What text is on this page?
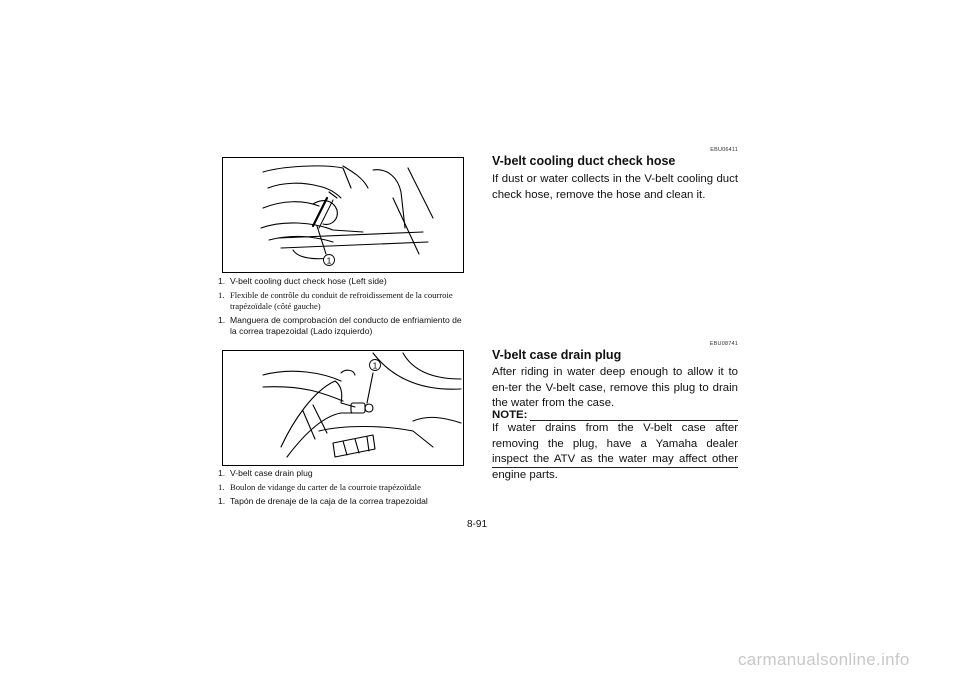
1
1. V-belt cooling duct check hose (Left side)
1. Flexible de contrôle du conduit de refroidissement de la courroie trapézoïdale (côté gauche)
1. Manguera de comprobación del conducto de enfriamiento de la correa trapezoidal (Lado izquierdo)
1
1. V-belt case drain plug
1. Boulon de vidange du carter de la courroie trapézoïdale
1. Tapón de drenaje de la caja de la correa trapezoidal
EBU06411
V-belt cooling duct check hose
If dust or water collects in the V-belt cooling duct check hose, remove the hose and clean it.
EBU08741
V-belt case drain plug
After riding in water deep enough to allow it to en-ter the V-belt case, remove this plug to drain the water from the case.
NOTE:
If water drains from the V-belt case after removing the plug, have a Yamaha dealer inspect the ATV as the water may affect other engine parts.
8-91
carmanualsonline.info
